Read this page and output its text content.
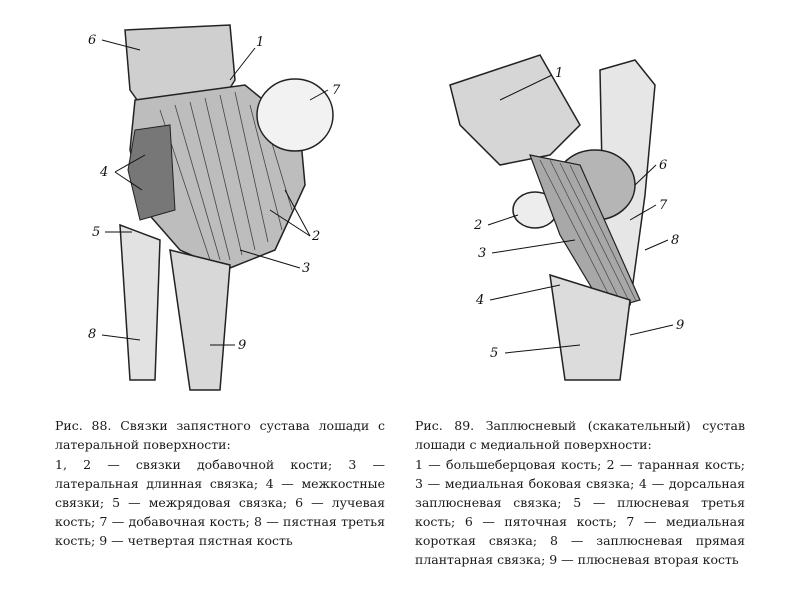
6	1
7
4
5	2
3
8
9
1
6
7
2
8
3
4
9
5
Рис. 88. Связки запястного сустава лошади с латеральной поверхности:
1, 2 — связки добавочной кости; 3 — латеральная длинная связка; 4 — межкостные связки; 5 — межрядовая связка; 6 — лучевая кость; 7 — добавочная кость; 8 — пястная третья кость; 9 — четвертая пястная кость
Рис. 89. Заплюсневый (скакательный) сустав лошади с медиальной поверхности:
1 — большеберцовая кость; 2 — таранная кость; 3 — медиальная боковая связка; 4 — дорсальная заплюсневая связка; 5 — плюсневая третья кость; 6 — пяточная кость; 7 — медиальная короткая связка; 8 — заплюсневая прямая плантарная связка; 9 — плюсневая вторая кость
